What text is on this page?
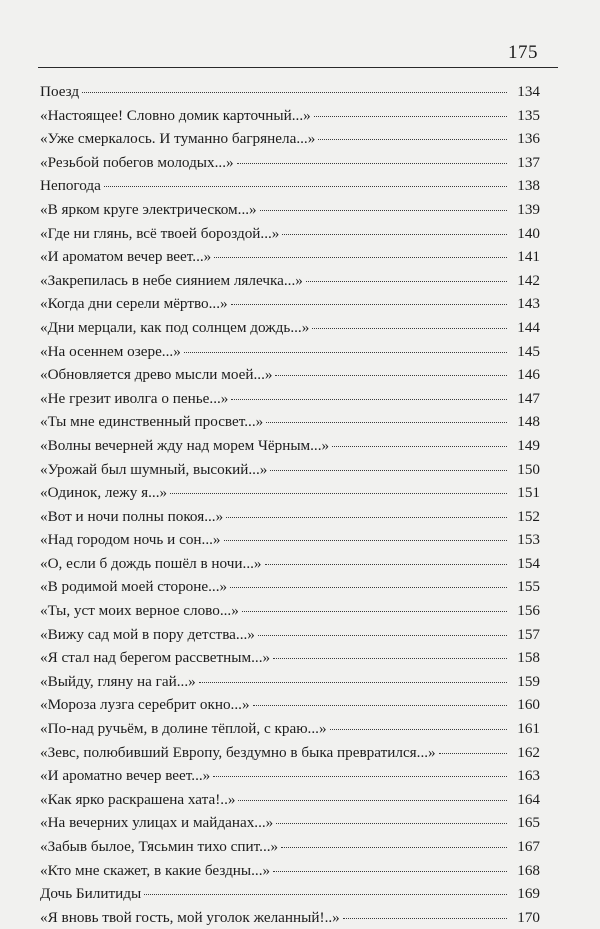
175
Поезд	134
«Настоящее! Словно домик карточный...»	135
«Уже смеркалось. И туманно багрянела...»	136
«Резьбой побегов молодых...»	137
Непогода	138
«В ярком круге электрическом...»	139
«Где ни глянь, всё твоей бороздой...»	140
«И ароматом вечер веет...»	141
«Закрепилась в небе сиянием лялечка...»	142
«Когда дни серели мёртво...»	143
«Дни мерцали, как под солнцем дождь...»	144
«На осеннем озере...»	145
«Обновляется древо мысли моей...»	146
«Не грезит иволга о пенье...»	147
«Ты мне единственный просвет...»	148
«Волны вечерней жду над морем Чёрным...»	149
«Урожай был шумный, высокий...»	150
«Одинок, лежу я...»	151
«Вот и ночи полны покоя...»	152
«Над городом ночь и сон...»	153
«О, если б дождь пошёл в ночи...»	154
«В родимой моей стороне...»	155
«Ты, уст моих верное слово...»	156
«Вижу сад мой в пору детства...»	157
«Я стал над берегом рассветным...»	158
«Выйду, гляну на гай...»	159
«Мороза лузга серебрит окно...»	160
«По-над ручьём, в долине тёплой, с краю...»	161
«Зевс, полюбивший Европу, бездумно в быка превратился...»	162
«И ароматно вечер веет...»	163
«Как ярко раскрашена хата!..»	164
«На вечерних улицах и майданах...»	165
«Забыв былое, Тясьмин тихо спит...»	167
«Кто мне скажет, в какие бездны...»	168
Дочь Билитиды	169
«Я вновь твой гость, мой уголок желанный!..»	170
